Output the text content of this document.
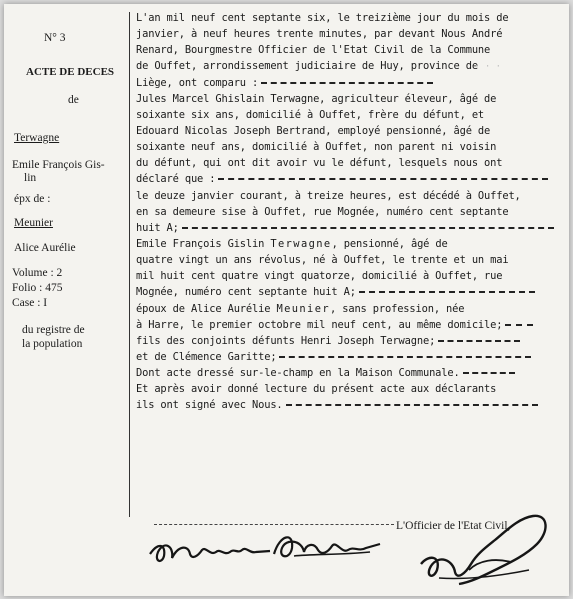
N° 3
ACTE DE DECES
de
Terwagne
Emile François Gis-
lin
épx de :
Meunier
Alice Aurélie
Volume : 2
Folio : 475
Case : I
du registre de
la population
L'an mil neuf cent septante six, le treizième jour du mois de
janvier, à neuf heures trente minutes, par devant Nous André
Renard, Bourgmestre Officier de l'Etat Civil de la Commune
de Ouffet, arrondissement judiciaire de Huy, province de
Liège, ont comparu :
Jules Marcel Ghislain Terwagne, agriculteur éleveur, âgé de
soixante six ans, domicilié à Ouffet, frère du défunt, et
Edouard Nicolas Joseph Bertrand, employé pensionné, âgé de
soixante neuf ans, domicilié à Ouffet, non parent ni voisin
du défunt, qui ont dit avoir vu le défunt, lesquels nous ont
déclaré que :
le deuze janvier courant, à treize heures, est décédé à Ouffet,
en sa demeure sise à Ouffet, rue Mognée, numéro cent septante
huit A;
Emile François Gislin Terwagne, pensionné, âgé de
quatre vingt un ans révolus, né à Ouffet, le trente et un mai
mil huit cent quatre vingt quatorze, domicilié à Ouffet, rue
Mognée, numéro cent septante huit A;
époux de Alice Aurélie Meunier, sans profession, née
à Harre, le premier octobre mil neuf cent, au même domicile;
fils des conjoints défunts Henri Joseph Terwagne;
et de Clémence Garitte;
Dont acte dressé sur-le-champ en la Maison Communale.
Et après avoir donné lecture du présent acte aux déclarants
ils ont signé avec Nous.
L'Officier de l'Etat Civil,
· · ·
